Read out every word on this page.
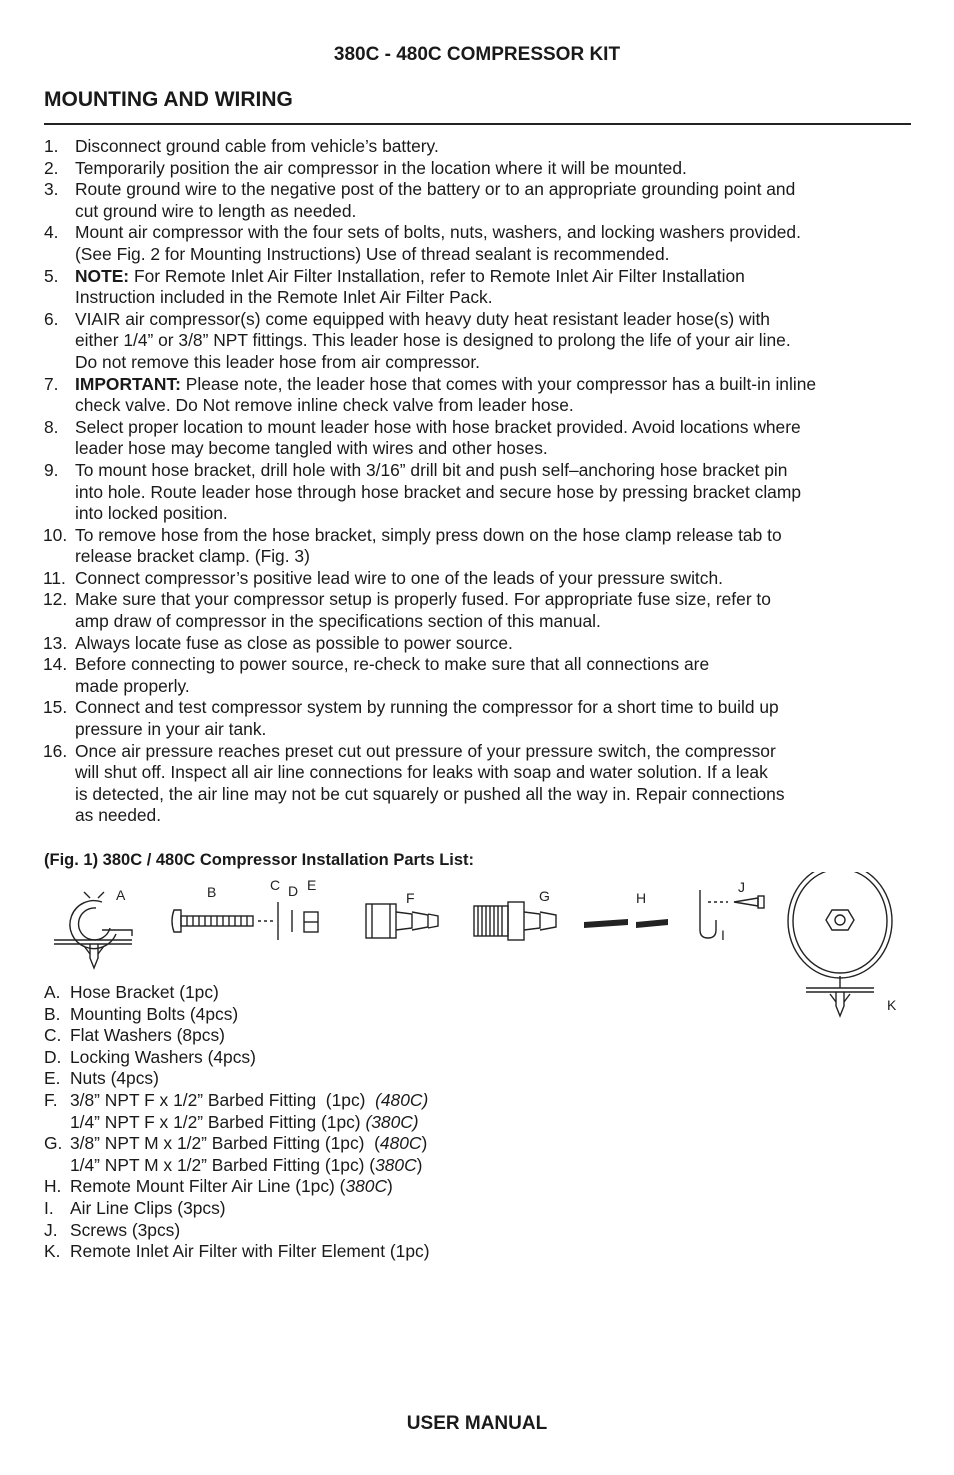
380C - 480C COMPRESSOR KIT
MOUNTING AND WIRING
1. Disconnect ground cable from vehicle’s battery.
2. Temporarily position the air compressor in the location where it will be mounted.
3. Route ground wire to the negative post of the battery or to an appropriate grounding point and
cut ground wire to length as needed.
4. Mount air compressor with the four sets of bolts, nuts, washers, and locking washers provided.
(See Fig. 2 for Mounting Instructions) Use of thread sealant is recommended.
5. NOTE: For Remote Inlet Air Filter Installation, refer to Remote Inlet Air Filter Installation
Instruction included in the Remote Inlet Air Filter Pack.
6. VIAIR air compressor(s) come equipped with heavy duty heat resistant leader hose(s) with
either 1/4” or 3/8” NPT fittings. This leader hose is designed to prolong the life of your air line.
Do not remove this leader hose from air compressor.
7. IMPORTANT: Please note, the leader hose that comes with your compressor has a built-in inline
check valve. Do Not remove inline check valve from leader hose.
8. Select proper location to mount leader hose with hose bracket provided. Avoid locations where
leader hose may become tangled with wires and other hoses.
9. To mount hose bracket, drill hole with 3/16” drill bit and push self–anchoring hose bracket pin
into hole. Route leader hose through hose bracket and secure hose by pressing bracket clamp
into locked position.
10. To remove hose from the hose bracket, simply press down on the hose clamp release tab to
release bracket clamp. (Fig. 3)
11. Connect compressor’s positive lead wire to one of the leads of your pressure switch.
12. Make sure that your compressor setup is properly fused. For appropriate fuse size, refer to
amp draw of compressor in the specifications section of this manual.
13. Always locate fuse as close as possible to power source.
14. Before connecting to power source, re-check to make sure that all connections are
made properly.
15. Connect and test compressor system by running the compressor for a short time to build up
pressure in your air tank.
16. Once air pressure reaches preset cut out pressure of your pressure switch, the compressor
will shut off. Inspect all air line connections for leaks with soap and water solution. If a leak
is detected, the air line may not be cut squarely or pushed all the way in. Repair connections
as needed.
(Fig. 1) 380C / 480C Compressor Installation Parts List:
A	B	C D E
F	G	H
I
J
K
A. Hose Bracket (1pc)
B. Mounting Bolts (4pcs)
C. Flat Washers (8pcs)
D. Locking Washers (4pcs)
E. Nuts (4pcs)
F. 3/8” NPT F x 1/2” Barbed Fitting  (1pc)  (480C)
1/4” NPT F x 1/2” Barbed Fitting (1pc) (380C)
G. 3/8” NPT M x 1/2” Barbed Fitting (1pc)  (480C)
1/4” NPT M x 1/2” Barbed Fitting (1pc) (380C)
H. Remote Mount Filter Air Line (1pc) (380C)
I. Air Line Clips (3pcs)
J. Screws (3pcs)
K. Remote Inlet Air Filter with Filter Element (1pc)
USER MANUAL
